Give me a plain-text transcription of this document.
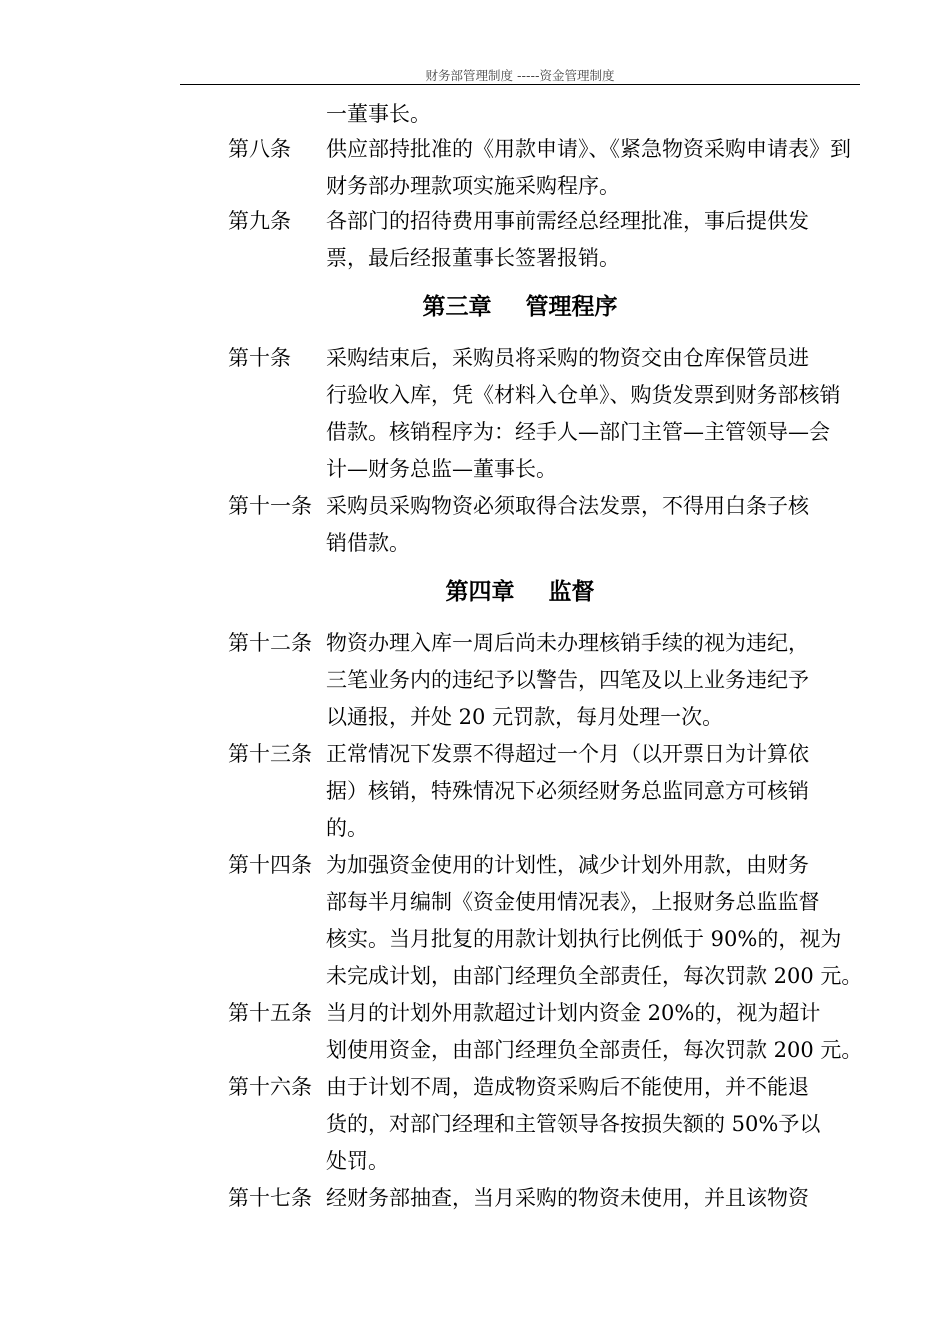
财务部管理制度 -----资金管理制度
一董事长。
第八条 供应部持批准的《用款申请》、《紧急物资采购申请表》到
财务部办理款项实施采购程序。
第九条 各部门的招待费用事前需经总经理批准，事后提供发
票，最后经报董事长签署报销。
第三章 管理程序
第十条 采购结束后，采购员将采购的物资交由仓库保管员进
行验收入库，凭《材料入仓单》、购货发票到财务部核销
借款。核销程序为：经手人—部门主管—主管领导—会
计—财务总监—董事长。
第十一条 采购员采购物资必须取得合法发票，不得用白条子核
销借款。
第四章 监督
第十二条 物资办理入库一周后尚未办理核销手续的视为违纪，
三笔业务内的违纪予以警告，四笔及以上业务违纪予
以通报，并处 20 元罚款，每月处理一次。
第十三条 正常情况下发票不得超过一个月（以开票日为计算依
据）核销，特殊情况下必须经财务总监同意方可核销
的。
第十四条 为加强资金使用的计划性，减少计划外用款，由财务
部每半月编制《资金使用情况表》，上报财务总监监督
核实。当月批复的用款计划执行比例低于 90%的，视为
未完成计划，由部门经理负全部责任，每次罚款 200 元。
第十五条 当月的计划外用款超过计划内资金 20%的，视为超计
划使用资金，由部门经理负全部责任，每次罚款 200 元。
第十六条 由于计划不周，造成物资采购后不能使用，并不能退
货的，对部门经理和主管领导各按损失额的 50%予以
处罚。
第十七条 经财务部抽查，当月采购的物资未使用，并且该物资
